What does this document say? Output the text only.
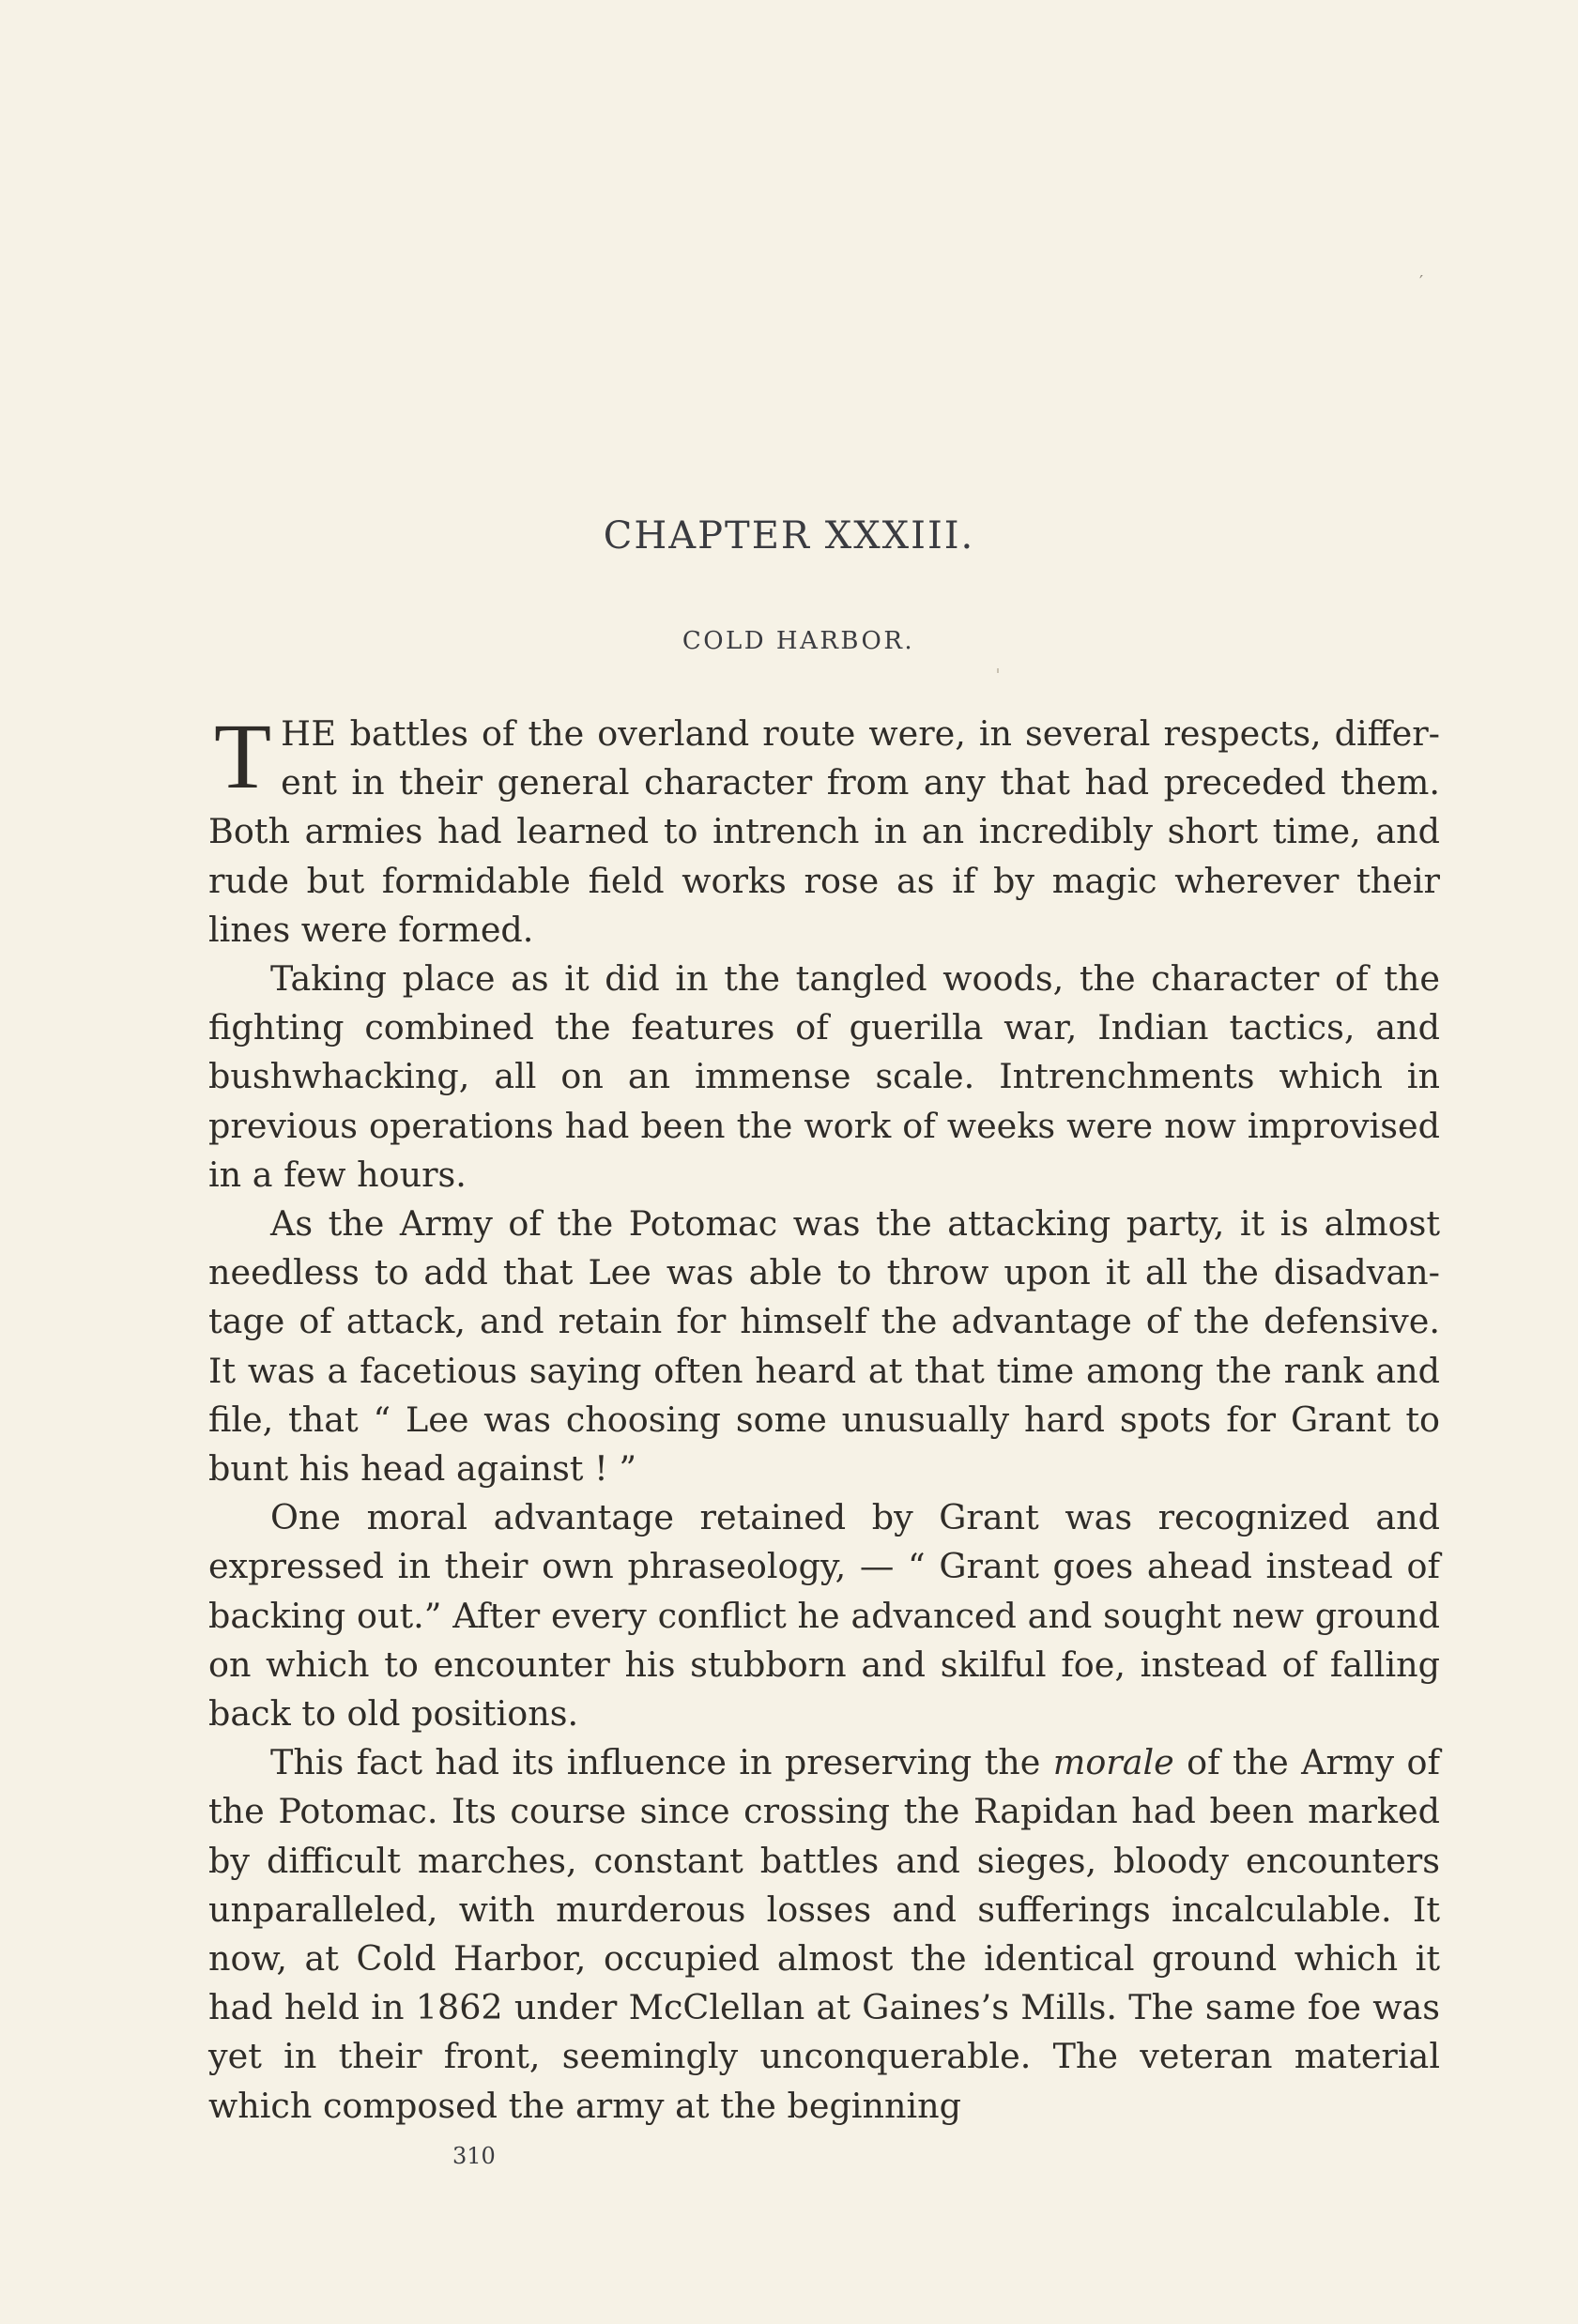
′
CHAPTER XXXIII.
COLD HARBOR.

THE battles of the overland route were, in several respects, different in their general character from any that had preceded them. Both armies had learned to intrench in an incredibly short time, and rude but formidable field works rose as if by magic wherever their lines were formed.

Taking place as it did in the tangled woods, the character of the fighting combined the features of guerilla war, Indian tactics, and bushwhacking, all on an immense scale. Intrenchments which in previous operations had been the work of weeks were now improvised in a few hours.

As the Army of the Potomac was the attacking party, it is almost needless to add that Lee was able to throw upon it all the disadvantage of attack, and retain for himself the advantage of the defensive. It was a facetious saying often heard at that time among the rank and file, that “ Lee was choosing some unusually hard spots for Grant to bunt his head against ! ”

One moral advantage retained by Grant was recognized and expressed in their own phraseology, — “ Grant goes ahead instead of backing out.” After every conflict he advanced and sought new ground on which to encounter his stubborn and skilful foe, instead of falling back to old positions.

This fact had its influence in preserving the morale of the Army of the Potomac. Its course since crossing the Rapidan had been marked by difficult marches, constant battles and sieges, bloody encounters unparalleled, with murderous losses and sufferings incalculable. It now, at Cold Harbor, occupied almost the identical ground which it had held in 1862 under McClellan at Gaines’s Mills. The same foe was yet in their front, seemingly unconquerable. The veteran material which composed the army at the beginning

310
